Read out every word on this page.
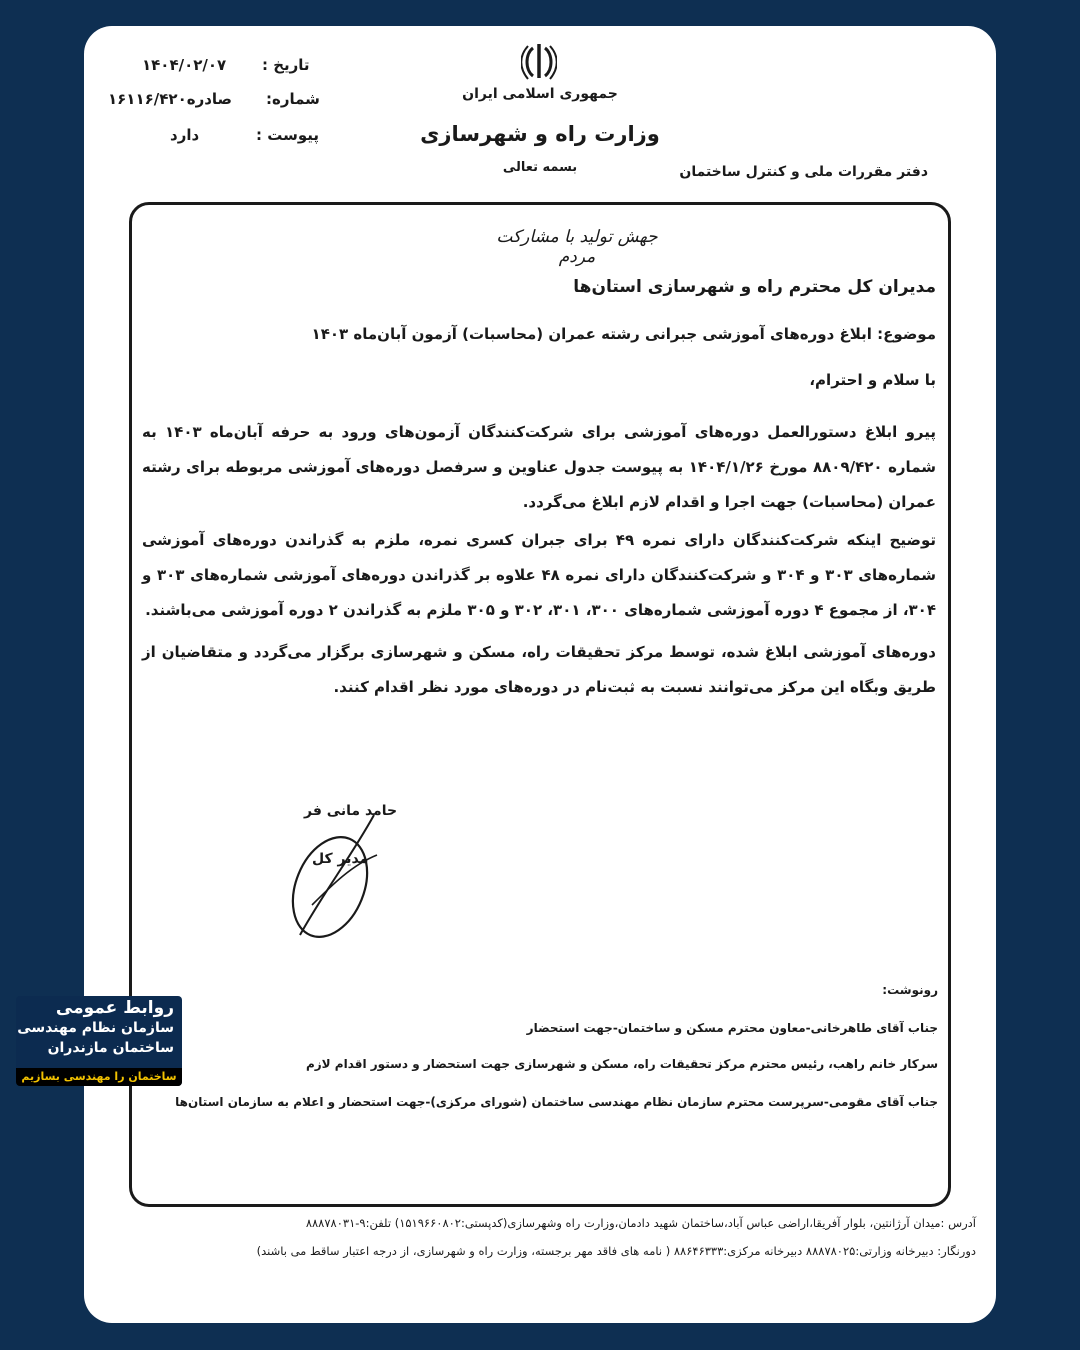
تاریخ :
۱۴۰۴/۰۲/۰۷
شماره:
۱۶۱۱۶/۴۲۰صادره
پیوست :
دارد
جمهوری اسلامی ایران
وزارت راه و شهرسازی
بسمه تعالی	دفتر مقررات ملی و کنترل ساختمان
جهش تولید با مشارکت مردم
مدیران کل محترم راه و شهرسازی استان‌ها
موضوع: ابلاغ دوره‌های آموزشی جبرانی رشته عمران (محاسبات) آزمون آبان‌ماه ۱۴۰۳
با سلام و احترام،
پیرو ابلاغ دستورالعمل دوره‌های آموزشی برای شرکت‌کنندگان آزمون‌های ورود به حرفه آبان‌ماه ۱۴۰۳ به شماره ۸۸۰۹/۴۲۰ مورخ ۱۴۰۴/۱/۲۶ به پیوست جدول عناوین و سرفصل دوره‌های آموزشی مربوطه برای رشته عمران (محاسبات) جهت اجرا و اقدام لازم ابلاغ می‌گردد.
توضیح اینکه شرکت‌کنندگان دارای نمره ۴۹ برای جبران کسری نمره، ملزم به گذراندن دوره‌های آموزشی شماره‌های ۳۰۳ و ۳۰۴ و شرکت‌کنندگان دارای نمره ۴۸ علاوه بر گذراندن دوره‌های آموزشی شماره‌های ۳۰۳ و ۳۰۴، از مجموع ۴ دوره آموزشی شماره‌های ۳۰۰، ۳۰۱، ۳۰۲ و ۳۰۵ ملزم به گذراندن ۲ دوره آموزشی می‌باشند.
دوره‌های آموزشی ابلاغ شده، توسط مرکز تحقیقات راه، مسکن و شهرسازی برگزار می‌گردد و متقاضیان از طریق وبگاه این مرکز می‌توانند نسبت به ثبت‌نام در دوره‌های مورد نظر اقدام کنند.
حامد مانی فر
مدیر کل
رونوشت:
جناب آقای طاهرخانی-معاون محترم مسکن و ساختمان-جهت استحضار
سرکار خانم راهب، رئیس محترم مرکز تحقیقات راه، مسکن و شهرسازی جهت استحضار و دستور اقدام لازم
جناب آقای مقومی-سرپرست محترم سازمان نظام مهندسی ساختمان (شورای مرکزی)-جهت استحضار و اعلام به سازمان استان‌ها
آدرس :میدان آرژانتین، بلوار آفریقا،اراضی عباس آباد،ساختمان شهید دادمان،وزارت راه وشهرسازی(کدپستی:۱۵۱۹۶۶۰۸۰۲) تلفن:۹-۸۸۸۷۸۰۳۱
دورنگار: دبیرخانه وزارتی:۸۸۸۷۸۰۲۵ دبیرخانه مرکزی:۸۸۶۴۶۳۳۳ ( نامه های فاقد مهر برجسته، وزارت راه و شهرسازی، از درجه اعتبار ساقط می باشند)
روابط عمومی
سازمان نظام مهندسی
ساختمان مازندران
ساختمان را مهندسی بسازیم
